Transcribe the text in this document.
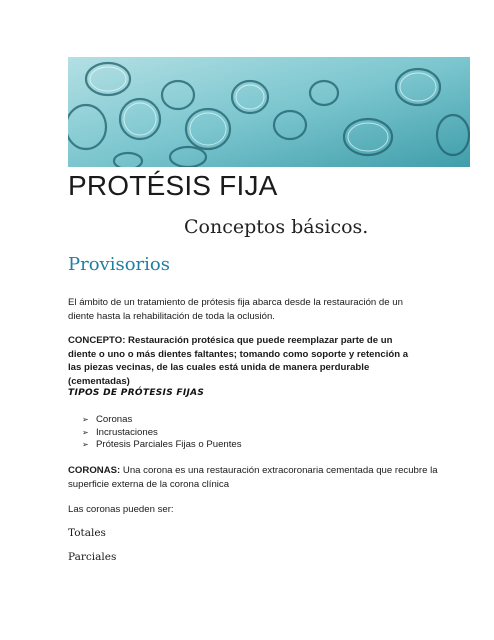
PROTÉSIS FIJA
Conceptos básicos.
Provisorios
El ámbito de un tratamiento de prótesis fija abarca desde la restauración de un diente hasta la rehabilitación de toda la oclusión.
CONCEPTO: Restauración protésica que puede reemplazar parte de un diente o uno o más dientes faltantes; tomando como soporte y retención a las piezas vecinas, de las cuales está unida de manera perdurable (cementadas)
TIPOS DE PRÓTESIS FIJAS
➢ Coronas
➢ Incrustaciones
➢ Prótesis Parciales Fijas o Puentes
CORONAS: Una corona es una restauración extracoronaria cementada que recubre la superficie externa de la corona clínica
Las coronas pueden ser:
Totales
Parciales
